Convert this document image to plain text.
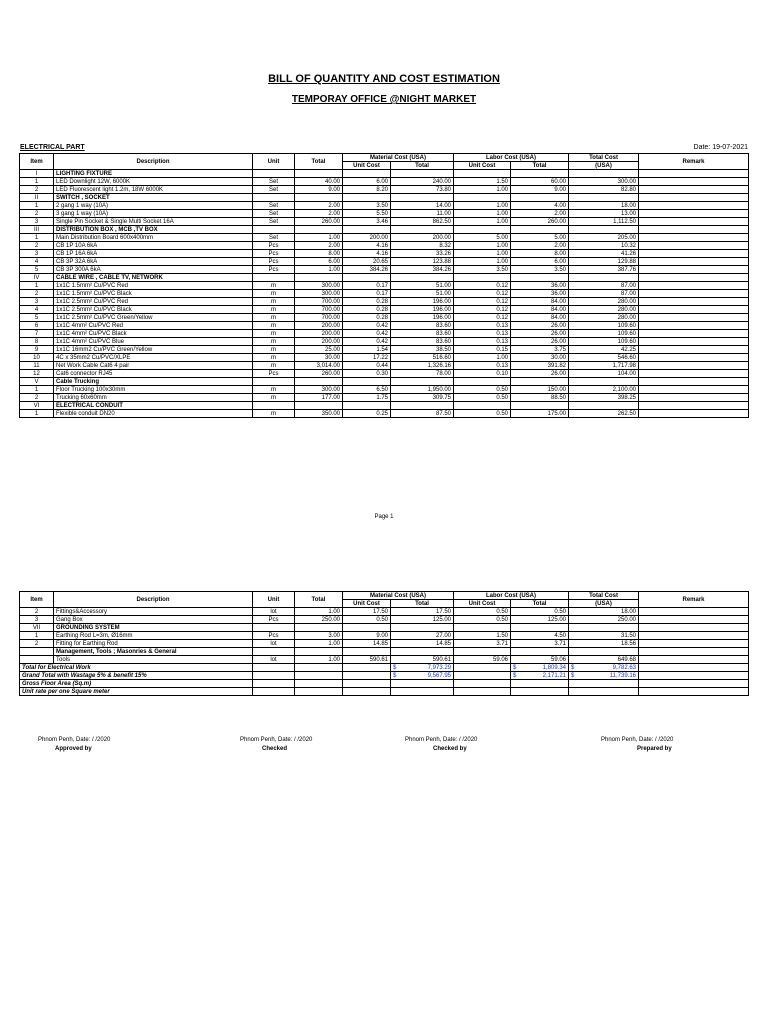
BILL OF QUANTITY AND COST ESTIMATION
TEMPORAY OFFICE @NIGHT MARKET
ELECTRICAL PART	Date: 19-07-2021
Item	Description	Unit	Total	Material Cost (USA)		Labor Cost (USA)		Total Cost	Remark
				Unit Cost	Total	Unit Cost	Total	(USA)	
I	LIGHTING FIXTURE								
1	LED Downlight 12W, 6000K	Set	40.00	6.00	240.00	1.50	60.00	300.00	
2	LED Fluorescent light 1.2m, 18W 6000K	Set	9.00	8.20	73.80	1.00	9.00	82.80	
II	SWITCH , SOCKET								
1	2 gang 1 way (10A)	Set	2.00	3.50	14.00	1.00	4.00	18.00	
2	3 gang 1 way (10A)	Set	2.00	5.50	11.00	1.00	2.00	13.00	
3	Single Pin Socket & Single Multi Socket 16A	Set	260.00	3.46	862.50	1.00	260.00	1,112.50	
III	DISTRIBUTION BOX , MCB ,TV BOX								
1	Main Distribution Board 600x400mm	Set	1.00	200.00	200.00	5.00	5.00	205.00	
2	CB 1P 10A 6kA	Pcs	2.00	4.16	8.32	1.00	2.00	10.32	
3	CB 1P 16A 6kA	Pcs	8.00	4.16	33.26	1.00	8.00	41.26	
4	CB 3P 32A 6kA	Pcs	6.00	20.65	123.88	1.00	6.00	129.88	
5	CB 3P 300A 6kA	Pcs	1.00	384.26	384.26	3.50	3.50	387.76	
IV	CABLE WIRE , CABLE TV, NETWORK								
1	1x1C 1.5mm² Cu/PVC Red	m	300.00	0.17	51.00	0.12	36.00	87.00	
2	1x1C 1.5mm² Cu/PVC Black	m	300.00	0.17	51.00	0.12	36.00	87.00	
3	1x1C 2.5mm² Cu/PVC Red	m	700.00	0.28	196.00	0.12	84.00	280.00	
4	1x1C 2.5mm² Cu/PVC Black	m	700.00	0.28	196.00	0.12	84.00	280.00	
5	1x1C 2.5mm² Cu/PVC Green/Yellow	m	700.00	0.28	196.00	0.12	84.00	280.00	
6	1x1C 4mm² Cu/PVC Red	m	200.00	0.42	83.60	0.13	26.00	109.60	
7	1x1C 4mm² Cu/PVC Black	m	200.00	0.42	83.60	0.13	26.00	109.60	
8	1x1C 4mm² Cu/PVC Blue	m	200.00	0.42	83.60	0.13	26.00	109.60	
9	1x1C 16mm2 Cu/PVC Green/Yellow	m	25.00	1.54	38.50	0.15	3.75	42.25	
10	4C x 35mm2 Cu/PVC/XLPE	m	30.00	17.22	516.60	1.00	30.00	546.60	
11	Net Work Cable Cat6 4 pair	m	3,014.00	0.44	1,326.16	0.13	391.82	1,717.98	
12	Cat6 connector RJ45	Pcs	260.00	0.30	78.00	0.10	26.00	104.00	
V	Cable Trucking								
1	Floor Trucking 100x30mm	m	300.00	6.50	1,950.00	0.50	150.00	2,100.00	
2	Trucking 60x60mm	m	177.00	1.75	309.75	0.50	88.50	398.25	
VI	ELECTRICAL CONDUIT								
1	Flexible conduit DN20	m	350.00	0.25	87.50	0.50	175.00	262.50	
Page 1
Item	Description	Unit	Total	Material Cost (USA)		Labor Cost (USA)		Total Cost	Remark
				Unit Cost	Total	Unit Cost	Total	(USA)	
2	Fittings&Accessory	lot	1.00	17.50	17.50	0.50	0.50	18.00	
3	Gang Box	Pcs	250.00	0.50	125.00	0.50	125.00	250.00	
VII	GROUNDING SYSTEM								
1	Earthing Rod L=3m, Ø16mm	Pcs	3.00	9.00	27.00	1.50	4.50	31.50	
2	Fitting for Earthing Rod	lot	1.00	14.85	14.85	3.71	3.71	18.56	
	Management, Tools ; Masonries & General								
	Tools	lot	1.00	590.61	590.61	59.06	59.06	649.68	
Total for Electrical Work					$ 7,973.29		$ 1,809.34	$ 9,782.63	

Grand Total with Wastage 5% & benefit 15%					$ 9,567.95		$ 2,171.21	$ 11,739.16	

Gross Floor Area (Sq.m)									
Unit rate per one Square meter									
Phnom Penh, Date: / /2020
Approved by
Phnom Penh, Date: / /2020
Checked
Phnom Penh, Date: / /2020
Checked by
Phnom Penh, Date: / /2020
Prepared by
